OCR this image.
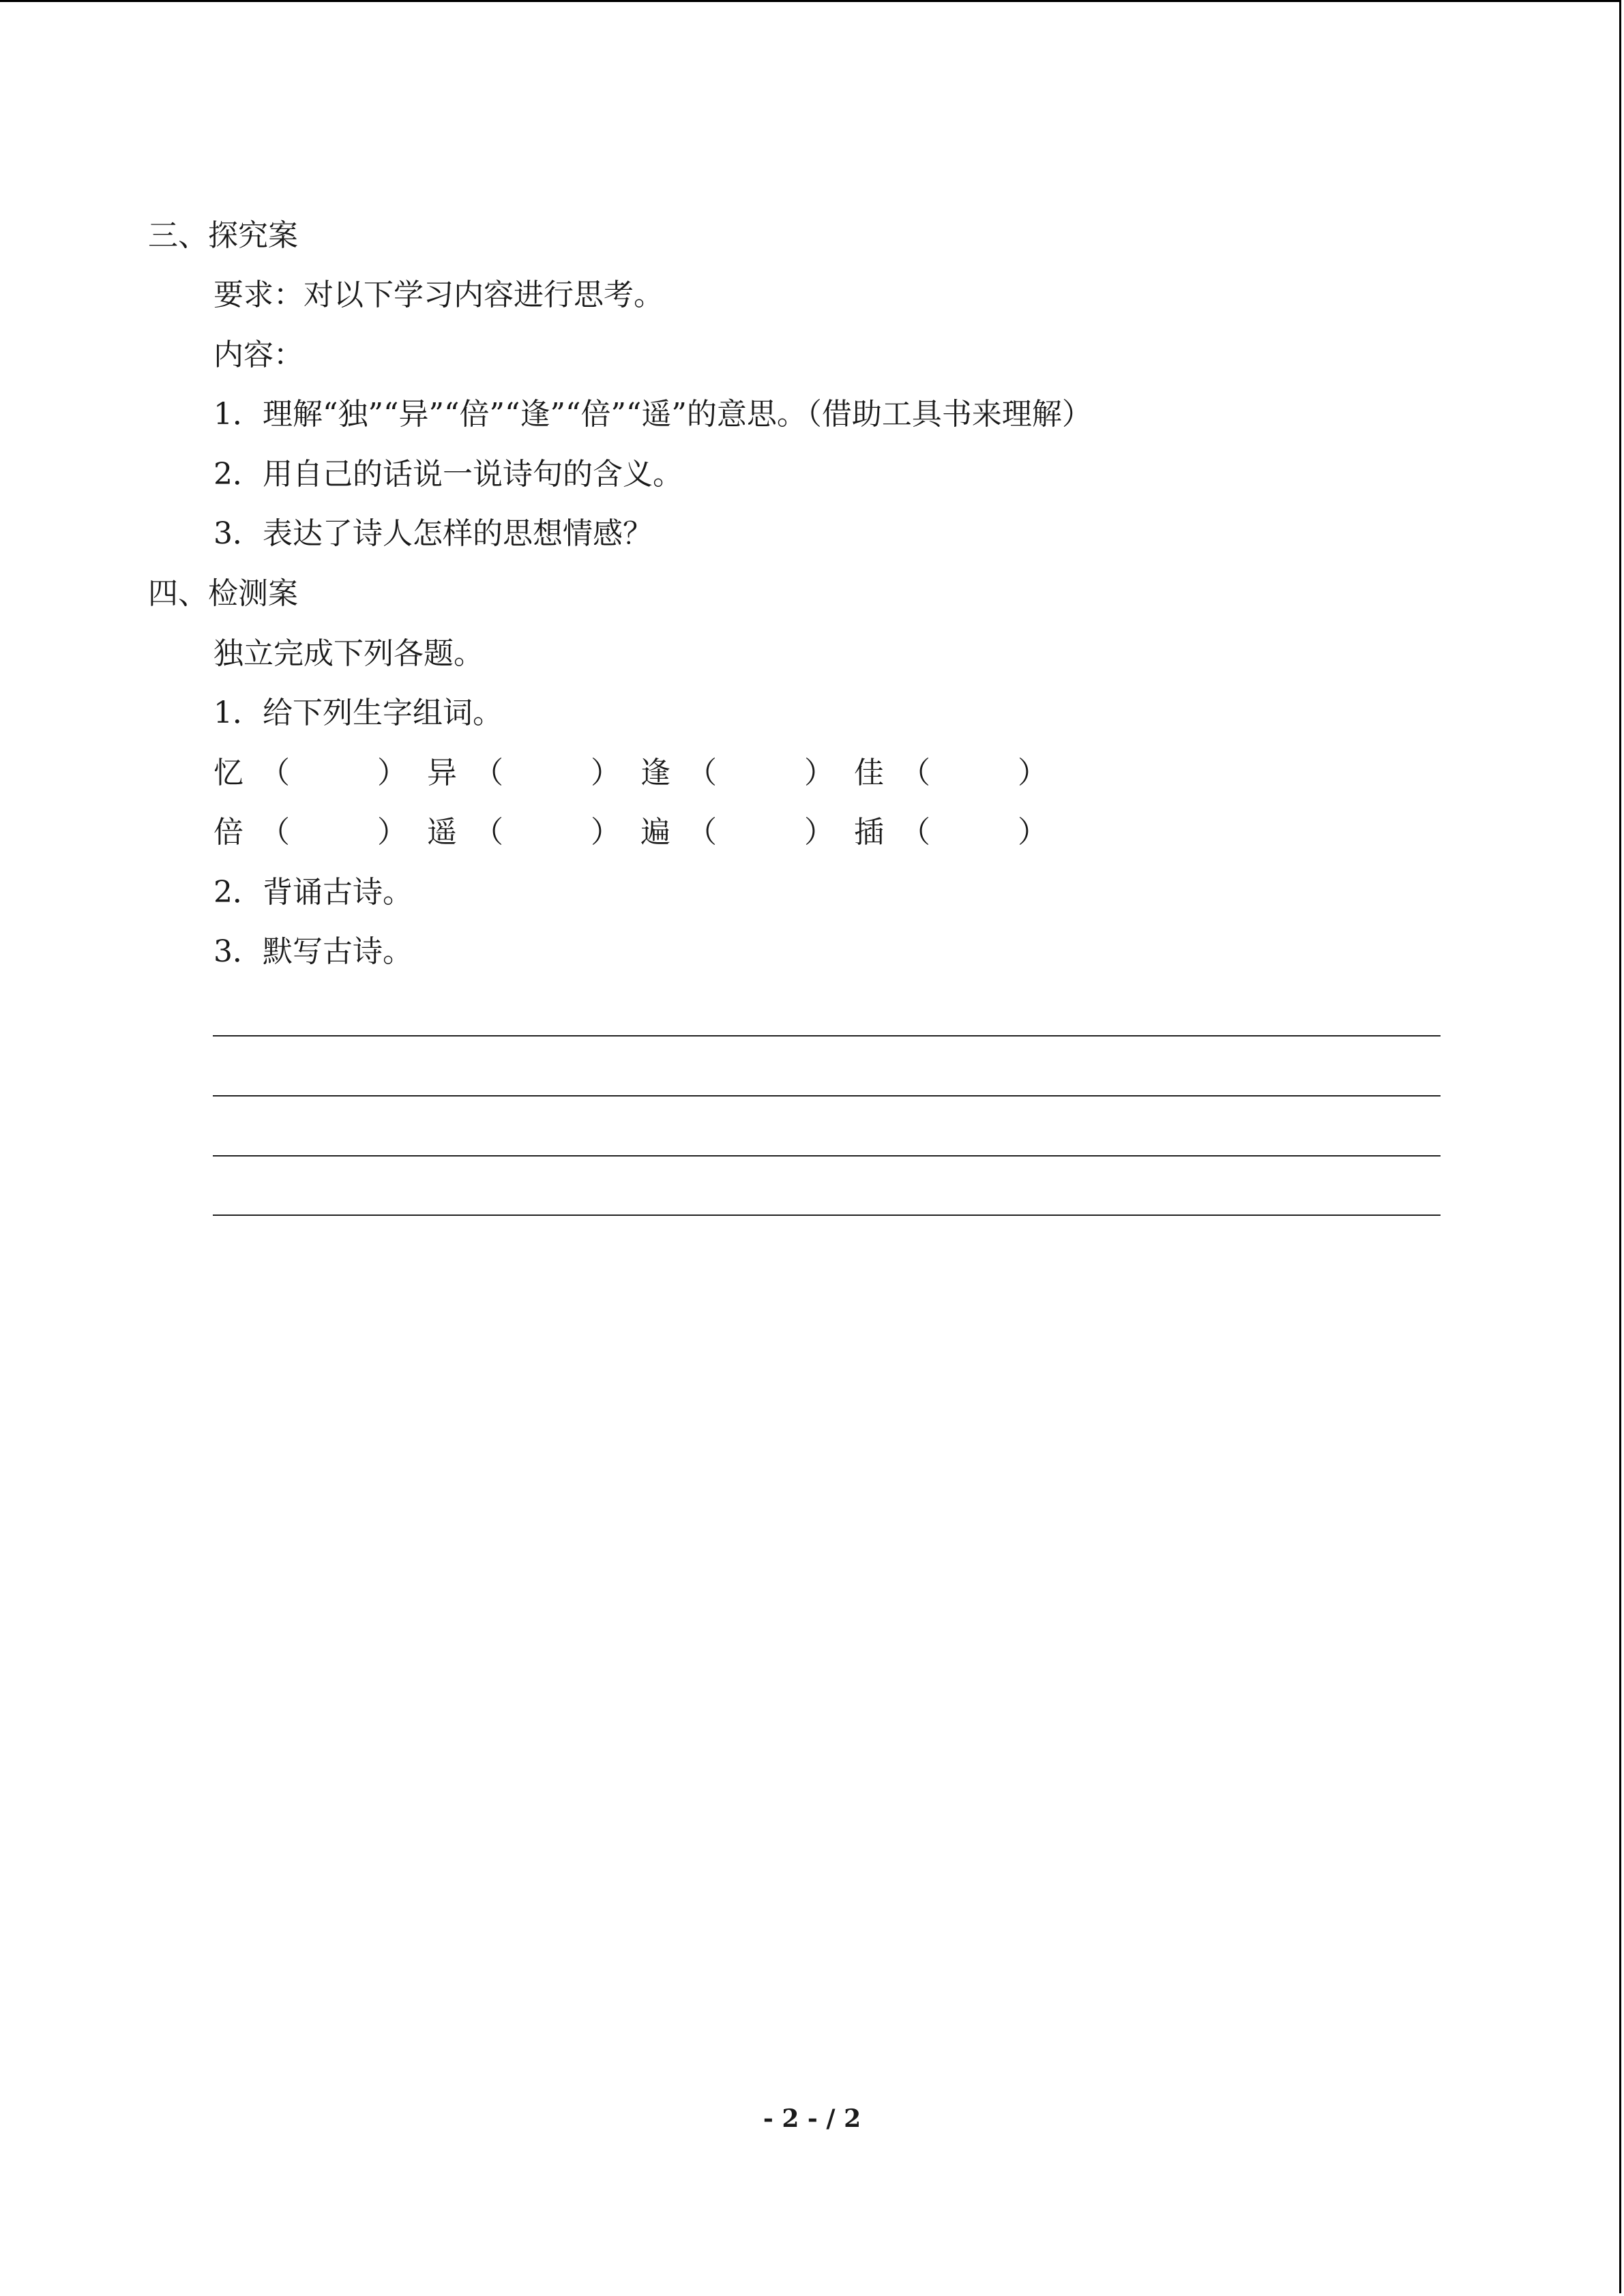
三、探究案
要求：对以下学习内容进行思考。
内容：
1．理解“独”“异”“倍”“逢”“倍”“遥”的意思。（借助工具书来理解）
2．用自己的话说一说诗句的含义。
3．表达了诗人怎样的思想情感？
四、检测案
独立完成下列各题。
1．给下列生字组词。
忆 （	） 异 （	） 逢 （	） 佳 （	）
倍 （	） 遥 （	） 遍 （	） 插 （	）
2．背诵古诗。
3．默写古诗。
- 2 - / 2
